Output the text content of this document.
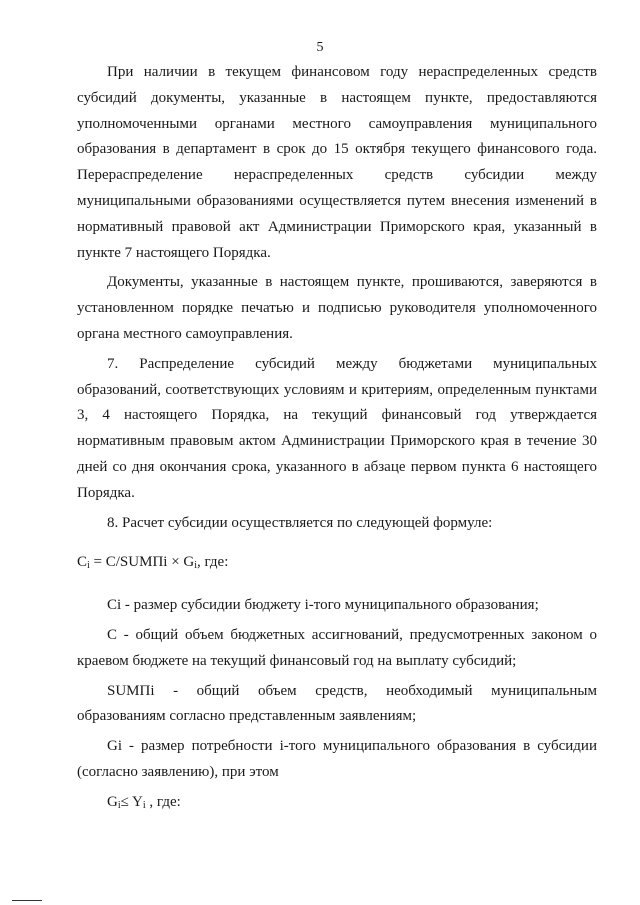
5

При наличии в текущем финансовом году нераспределенных средств субсидий документы, указанные в настоящем пункте, предоставляются уполномоченными органами местного самоуправления муниципального образования в департамент в срок до 15 октября текущего финансового года. Перераспределение нераспределенных средств субсидии между муниципальными образованиями осуществляется путем внесения изменений в нормативный правовой акт Администрации Приморского края, указанный в пункте 7 настоящего Порядка.

Документы, указанные в настоящем пункте, прошиваются, заверяются в установленном порядке печатью и подписью руководителя уполномоченного органа местного самоуправления.

7. Распределение субсидий между бюджетами муниципальных образований, соответствующих условиям и критериям, определенным пунктами 3, 4 настоящего Порядка, на текущий финансовый год утверждается нормативным правовым актом Администрации Приморского края в течение 30 дней со дня окончания срока, указанного в абзаце первом пункта 6 настоящего Порядка.

8. Расчет субсидии осуществляется по следующей формуле:

$C_i$ = C/SUMПi × $G_i$, где:

Ci - размер субсидии бюджету i-того муниципального образования;

С - общий объем бюджетных ассигнований, предусмотренных законом о краевом бюджете на текущий финансовый год на выплату субсидий;

SUMПi - общий объем средств, необходимый муниципальным образованиям согласно представленным заявлениям;

Gi - размер потребности i-того муниципального образования в субсидии (согласно заявлению), при этом

$G_i\le Y_i$ , где:
